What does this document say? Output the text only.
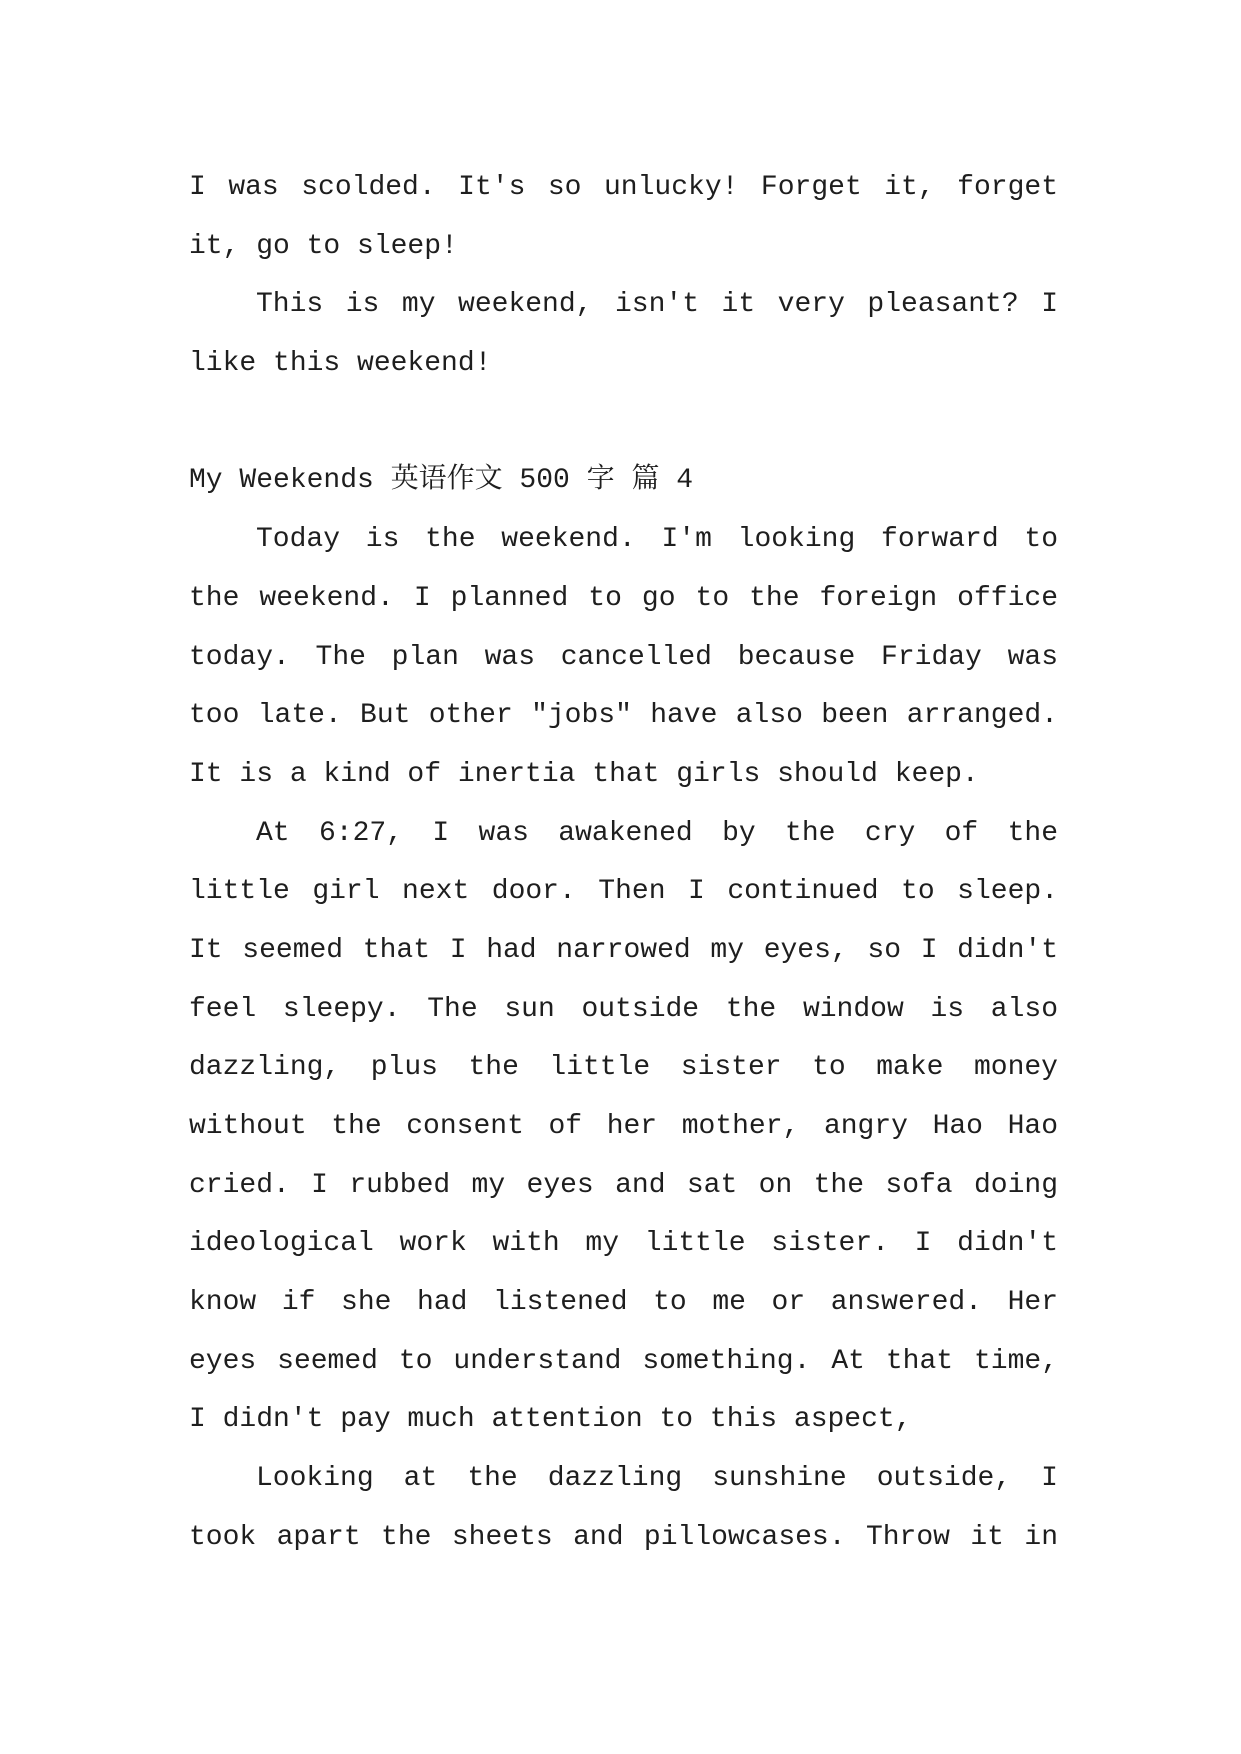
I was scolded. It's so unlucky! Forget it, forget
it, go to sleep!
This is my weekend, isn't it very pleasant? I
like this weekend!
My Weekends 英语作文 500 字 篇 4
Today is the weekend. I'm looking forward to
the weekend. I planned to go to the foreign office
today. The plan was cancelled because Friday was
too late. But other "jobs" have also been arranged.
It is a kind of inertia that girls should keep.
At 6:27, I was awakened by the cry of the
little girl next door. Then I continued to sleep.
It seemed that I had narrowed my eyes, so I didn't
feel sleepy. The sun outside the window is also
dazzling, plus the little sister to make money
without the consent of her mother, angry Hao Hao
cried. I rubbed my eyes and sat on the sofa doing
ideological work with my little sister. I didn't
know if she had listened to me or answered. Her
eyes seemed to understand something. At that time,
I didn't pay much attention to this aspect,
Looking at the dazzling sunshine outside, I
took apart the sheets and pillowcases. Throw it in
